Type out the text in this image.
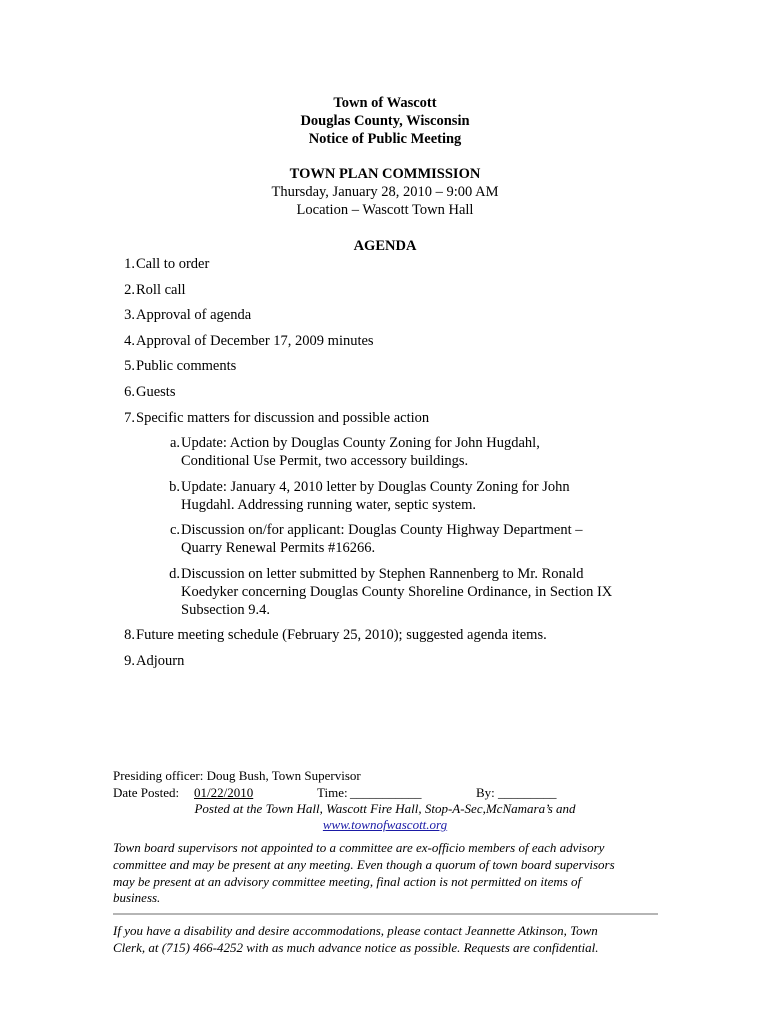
Town of Wascott
Douglas County, Wisconsin
Notice of Public Meeting
TOWN PLAN COMMISSION
Thursday, January 28, 2010 – 9:00 AM
Location – Wascott Town Hall
AGENDA
1. Call to order
2. Roll call
3. Approval of agenda
4. Approval of December 17, 2009 minutes
5. Public comments
6. Guests
7. Specific matters for discussion and possible action
a. Update: Action by Douglas County Zoning for John Hugdahl,
Conditional Use Permit, two accessory buildings.
b. Update: January 4, 2010 letter by Douglas County Zoning for John
Hugdahl. Addressing running water, septic system.
c. Discussion on/for applicant: Douglas County Highway Department –
Quarry Renewal Permits #16266.
d. Discussion on letter submitted by Stephen Rannenberg to Mr. Ronald
Koedyker concerning Douglas County Shoreline Ordinance, in Section IX
Subsection 9.4.
8. Future meeting schedule (February 25, 2010); suggested agenda items.
9. Adjourn
Presiding officer: Doug Bush, Town Supervisor
Date Posted: 01/22/2010	Time: ___________	By: _________
Posted at the Town Hall, Wascott Fire Hall, Stop-A-Sec,McNamara’s and
www.townofwascott.org
Town board supervisors not appointed to a committee are ex-officio members of each advisory
committee and may be present at any meeting. Even though a quorum of town board supervisors
may be present at an advisory committee meeting, final action is not permitted on items of
business.
If you have a disability and desire accommodations, please contact Jeannette Atkinson, Town
Clerk, at (715) 466-4252 with as much advance notice as possible. Requests are confidential.
